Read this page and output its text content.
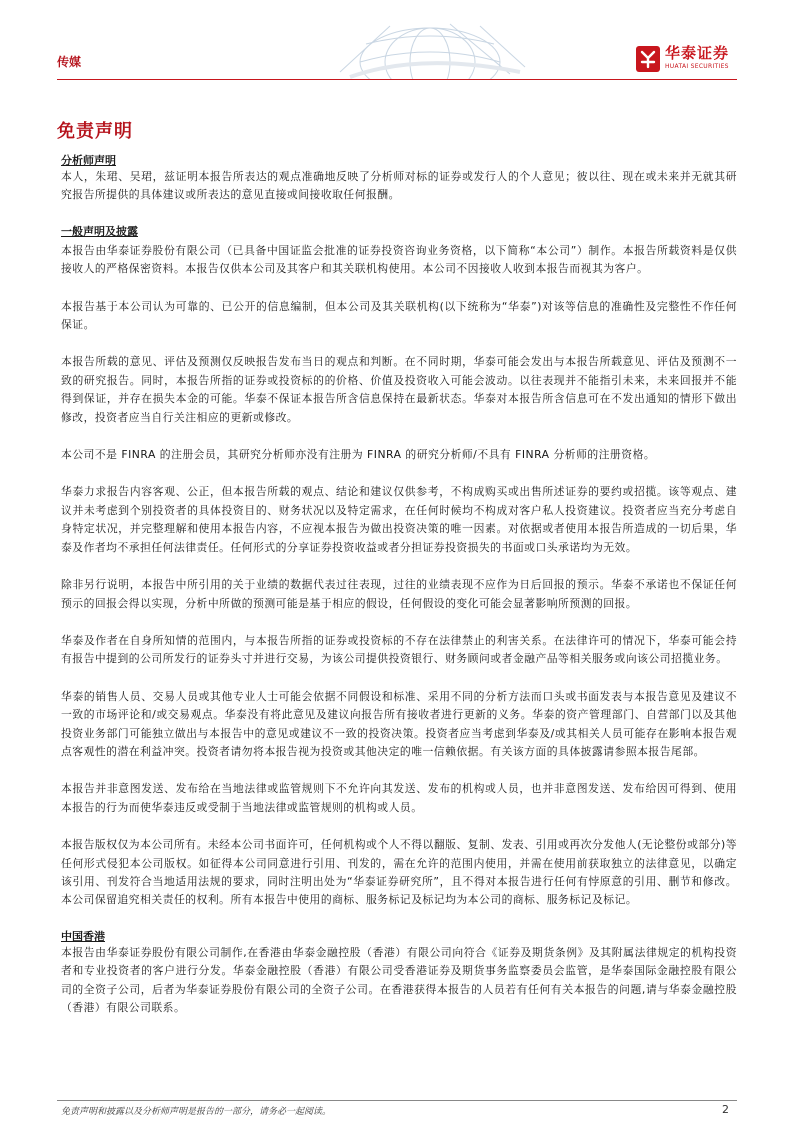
传媒	华泰证券
HUATAI SECURITIES
免责声明
分析师声明

本人，朱珺、吴珺，兹证明本报告所表达的观点准确地反映了分析师对标的证券或发行人的个人意见；彼以往、现在或未来并无就其研究报告所提供的具体建议或所表达的意见直接或间接收取任何报酬。

一般声明及披露

本报告由华泰证券股份有限公司（已具备中国证监会批准的证券投资咨询业务资格，以下简称“本公司”）制作。本报告所载资料是仅供接收人的严格保密资料。本报告仅供本公司及其客户和其关联机构使用。本公司不因接收人收到本报告而视其为客户。

本报告基于本公司认为可靠的、已公开的信息编制，但本公司及其关联机构(以下统称为“华泰”)对该等信息的准确性及完整性不作任何保证。

本报告所载的意见、评估及预测仅反映报告发布当日的观点和判断。在不同时期，华泰可能会发出与本报告所载意见、评估及预测不一致的研究报告。同时，本报告所指的证券或投资标的的价格、价值及投资收入可能会波动。以往表现并不能指引未来，未来回报并不能得到保证，并存在损失本金的可能。华泰不保证本报告所含信息保持在最新状态。华泰对本报告所含信息可在不发出通知的情形下做出修改，投资者应当自行关注相应的更新或修改。

本公司不是 FINRA 的注册会员，其研究分析师亦没有注册为 FINRA 的研究分析师/不具有 FINRA 分析师的注册资格。

华泰力求报告内容客观、公正，但本报告所载的观点、结论和建议仅供参考，不构成购买或出售所述证券的要约或招揽。该等观点、建议并未考虑到个别投资者的具体投资目的、财务状况以及特定需求，在任何时候均不构成对客户私人投资建议。投资者应当充分考虑自身特定状况，并完整理解和使用本报告内容，不应视本报告为做出投资决策的唯一因素。对依据或者使用本报告所造成的一切后果，华泰及作者均不承担任何法律责任。任何形式的分享证券投资收益或者分担证券投资损失的书面或口头承诺均为无效。

除非另行说明，本报告中所引用的关于业绩的数据代表过往表现，过往的业绩表现不应作为日后回报的预示。华泰不承诺也不保证任何预示的回报会得以实现，分析中所做的预测可能是基于相应的假设，任何假设的变化可能会显著影响所预测的回报。

华泰及作者在自身所知情的范围内，与本报告所指的证券或投资标的不存在法律禁止的利害关系。在法律许可的情况下，华泰可能会持有报告中提到的公司所发行的证券头寸并进行交易，为该公司提供投资银行、财务顾问或者金融产品等相关服务或向该公司招揽业务。

华泰的销售人员、交易人员或其他专业人士可能会依据不同假设和标准、采用不同的分析方法而口头或书面发表与本报告意见及建议不一致的市场评论和/或交易观点。华泰没有将此意见及建议向报告所有接收者进行更新的义务。华泰的资产管理部门、自营部门以及其他投资业务部门可能独立做出与本报告中的意见或建议不一致的投资决策。投资者应当考虑到华泰及/或其相关人员可能存在影响本报告观点客观性的潜在利益冲突。投资者请勿将本报告视为投资或其他决定的唯一信赖依据。有关该方面的具体披露请参照本报告尾部。

本报告并非意图发送、发布给在当地法律或监管规则下不允许向其发送、发布的机构或人员，也并非意图发送、发布给因可得到、使用本报告的行为而使华泰违反或受制于当地法律或监管规则的机构或人员。

本报告版权仅为本公司所有。未经本公司书面许可，任何机构或个人不得以翻版、复制、发表、引用或再次分发他人(无论整份或部分)等任何形式侵犯本公司版权。如征得本公司同意进行引用、刊发的，需在允许的范围内使用，并需在使用前获取独立的法律意见，以确定该引用、刊发符合当地适用法规的要求，同时注明出处为“华泰证券研究所”，且不得对本报告进行任何有悖原意的引用、删节和修改。本公司保留追究相关责任的权利。所有本报告中使用的商标、服务标记及标记均为本公司的商标、服务标记及标记。

中国香港

本报告由华泰证券股份有限公司制作,在香港由华泰金融控股（香港）有限公司向符合《证券及期货条例》及其附属法律规定的机构投资者和专业投资者的客户进行分发。华泰金融控股（香港）有限公司受香港证券及期货事务监察委员会监管，是华泰国际金融控股有限公司的全资子公司，后者为华泰证券股份有限公司的全资子公司。在香港获得本报告的人员若有任何有关本报告的问题,请与华泰金融控股（香港）有限公司联系。

免责声明和披露以及分析师声明是报告的一部分，请务必一起阅读。	2
